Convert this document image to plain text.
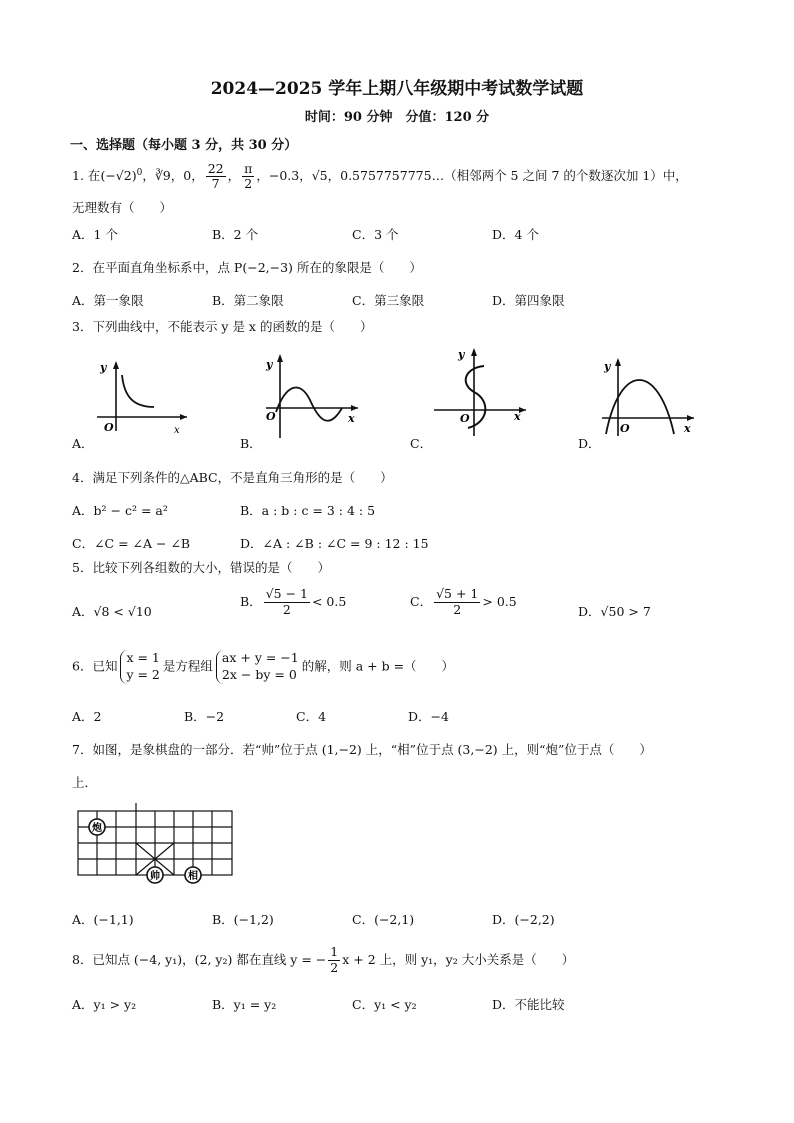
2024—2025 学年上期八年级期中考试数学试题
时间：90 分钟　分值：120 分
一、选择题（每小题 3 分，共 30 分）
1. 在$(-√2)^0$，∛9，0， $\frac{22}{7}$ ， $\frac{\pi}{2}$ ，−0.3，√5，0.5757757775…（相邻两个 5 之间 7 的个数逐次加 1）中，
无理数有（　　）
A．1 个	B．2 个	C．3 个	D．4 个
2．在平面直角坐标系中，点 P(−2,−3) 所在的象限是（　　）
A．第一象限	B．第二象限	C．第三象限	D．第四象限
3．下列曲线中，不能表示 y 是 x 的函数的是（　　）
y
O	x
A．
y
O	x
B．
y
O	x
C．
y
O	x
D．
4．满足下列条件的△ABC，不是直角三角形的是（　　）
A．b² − c² = a²	B．a : b : c = 3 : 4 : 5
C．∠C = ∠A − ∠B	D．∠A : ∠B : ∠C = 9 : 12 : 15
5．比较下列各组数的大小，错误的是（　　）
A．√8 < √10
B． $\frac{√5 - 1}{2} < 0.5$	C． $\frac{√5 + 1}{2} > 0.5$
D．√50 > 7
6．已知
x = 1
y = 2
是方程组
ax + y = −1
2x − by = 0
的解，则 a + b =（　　）
A．2	B．−2	C．4	D．−4
7．如图，是象棋盘的一部分．若“帅”位于点 (1,−2) 上，“相”位于点 (3,−2) 上，则“炮”位于点（　　）
上．
炮
帅	相
A．(−1,1)	B．(−1,2)	C．(−2,1)	D．(−2,2)
8．已知点 (−4, y₁)，(2, y₂) 都在直线 y = − $\frac{1}{2}$ x + 2 上，则 y₁，y₂ 大小关系是（　　）
A．y₁ > y₂	B．y₁ = y₂	C．y₁ < y₂	D．不能比较
